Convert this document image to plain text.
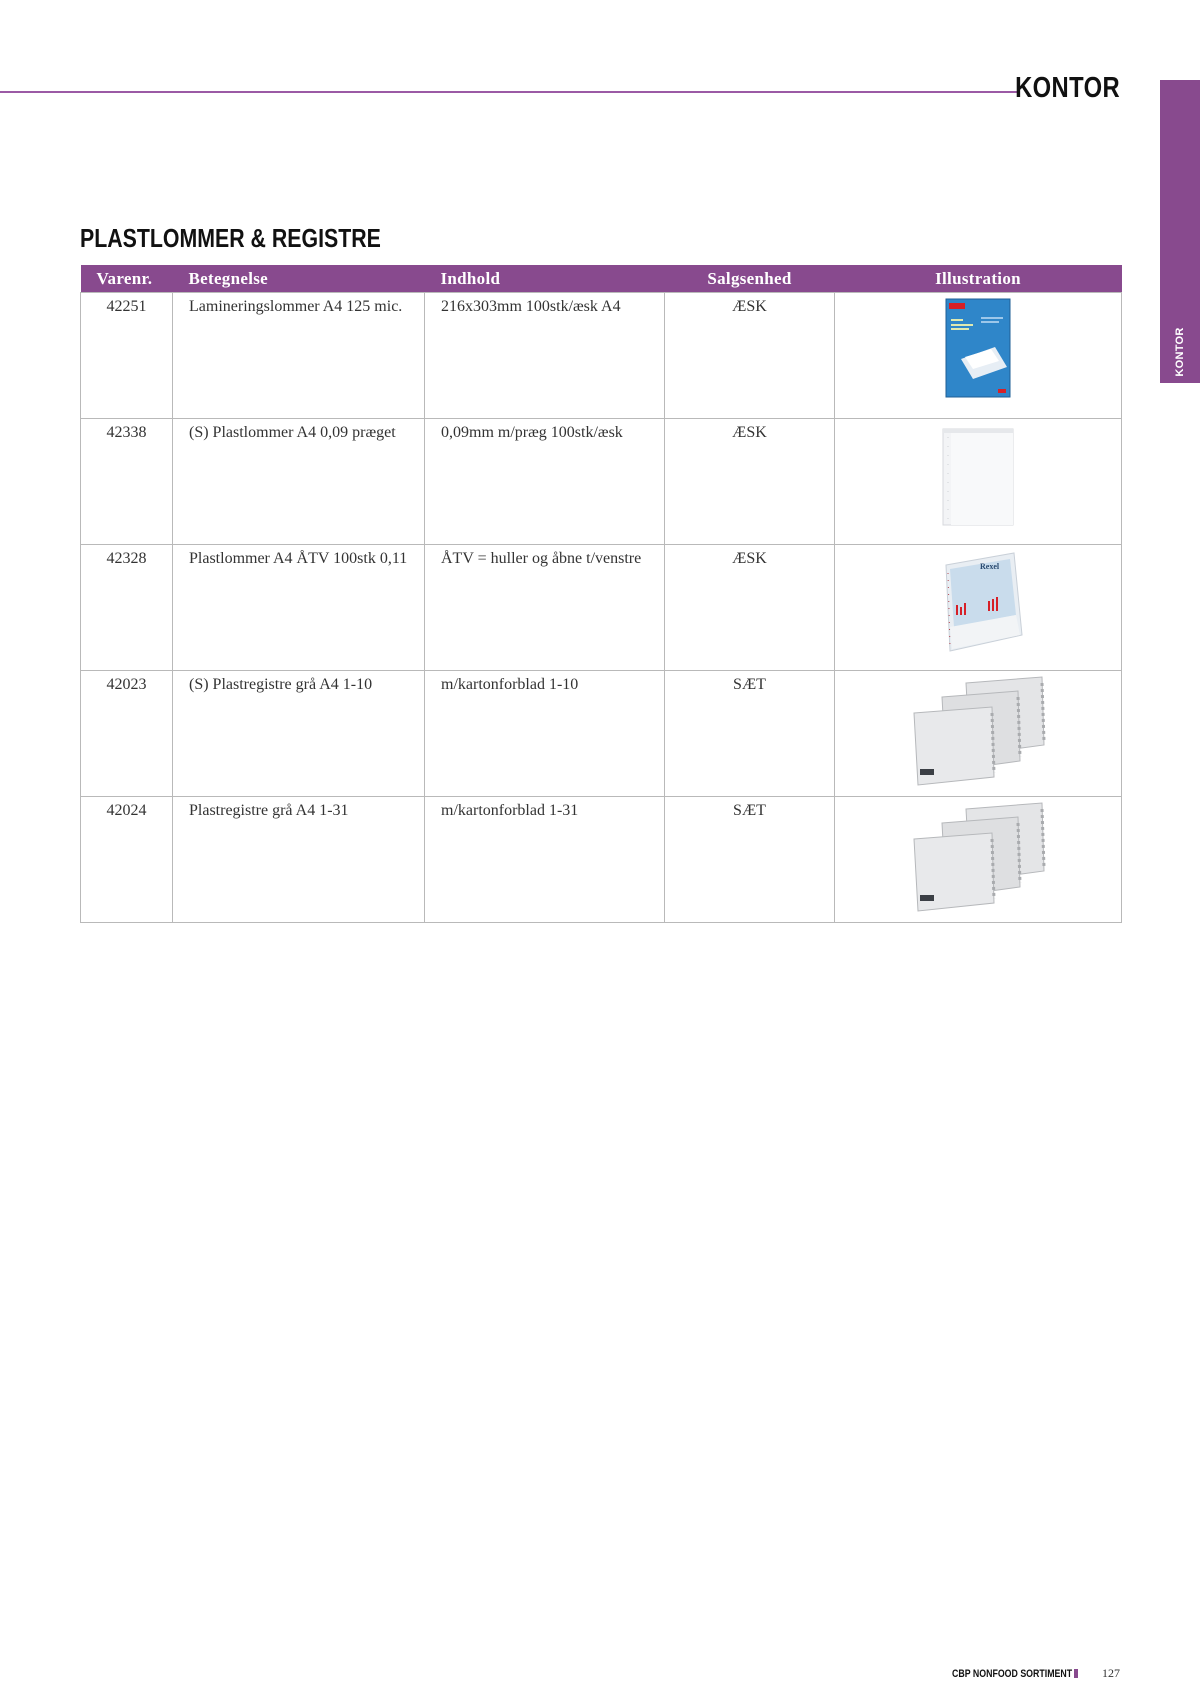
KONTOR
KONTOR
PLASTLOMMER & REGISTRE
Varenr.	Betegnelse	Indhold	Salgsenhed	Illustration
42251	Lamineringslommer A4 125 mic.	216x303mm 100stk/æsk A4	ÆSK	

42338	(S) Plastlommer A4 0,09 præget	0,09mm m/præg 100stk/æsk	ÆSK	

42328	Plastlommer A4 ÅTV 100stk 0,11	ÅTV = huller og åbne t/venstre	ÆSK	Rexel

42023	(S) Plastregistre grå A4 1-10	m/kartonforblad 1-10	SÆT	

42024	Plastregistre grå A4 1-31	m/kartonforblad 1-31	SÆT	
CBP NONFOOD SORTIMENT	127
